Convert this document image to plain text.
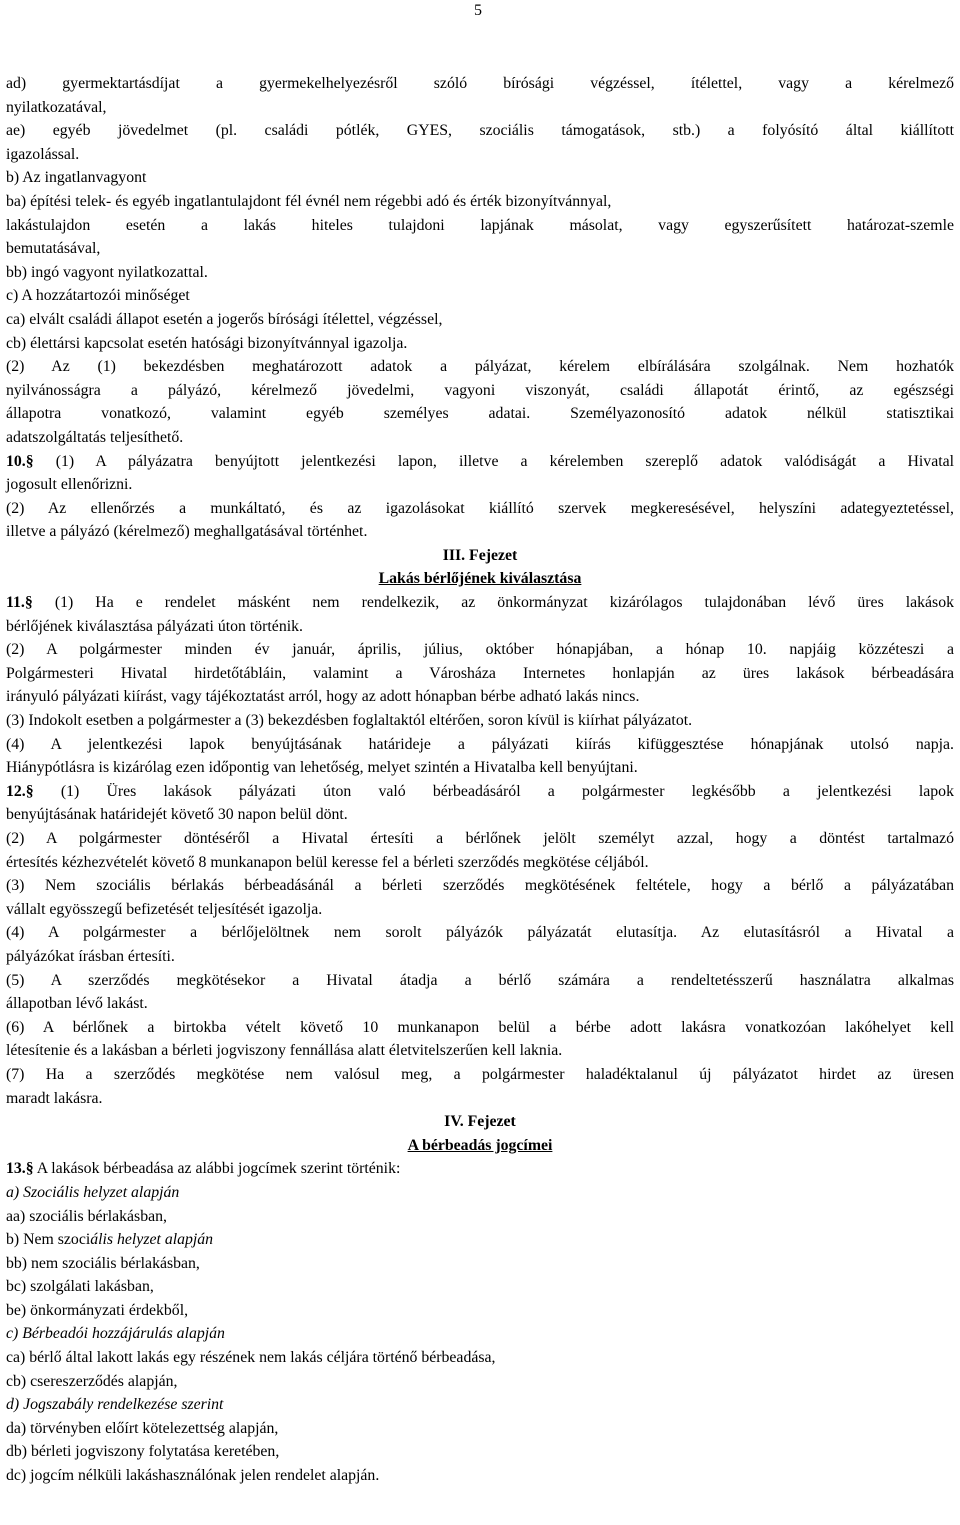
5
ad) gyermektartásdíjat a gyermekelhelyezésről szóló bírósági végzéssel, ítélettel, vagy a kérelmező
nyilatkozatával,
ae) egyéb jövedelmet (pl. családi pótlék, GYES, szociális támogatások, stb.) a folyósító által kiállított
igazolással.
b) Az ingatlanvagyont
ba) építési telek- és egyéb ingatlantulajdont fél évnél nem régebbi adó és érték bizonyítvánnyal,
lakástulajdon esetén a lakás hiteles tulajdoni lapjának másolat, vagy egyszerűsített határozat-szemle
bemutatásával,
bb) ingó vagyont nyilatkozattal.
c) A hozzátartozói minőséget
ca) elvált családi állapot esetén a jogerős bírósági ítélettel, végzéssel,
cb) élettársi kapcsolat esetén hatósági bizonyítvánnyal igazolja.
(2) Az (1) bekezdésben meghatározott adatok a pályázat, kérelem elbírálására szolgálnak. Nem hozhatók
nyilvánosságra a pályázó, kérelmező jövedelmi, vagyoni viszonyát, családi állapotát érintő, az egészségi
állapotra vonatkozó, valamint egyéb személyes adatai. Személyazonosító adatok nélkül statisztikai
adatszolgáltatás teljesíthető.
10.§ (1) A pályázatra benyújtott jelentkezési lapon, illetve a kérelemben szereplő adatok valódiságát a Hivatal
jogosult ellenőrizni.
(2) Az ellenőrzés a munkáltató, és az igazolásokat kiállító szervek megkeresésével, helyszíni adategyeztetéssel,
illetve a pályázó (kérelmező) meghallgatásával történhet.
III. Fejezet
Lakás bérlőjének kiválasztása
11.§ (1) Ha e rendelet másként nem rendelkezik, az önkormányzat kizárólagos tulajdonában lévő üres lakások
bérlőjének kiválasztása pályázati úton történik.
(2) A polgármester minden év január, április, július, október hónapjában, a hónap 10. napjáig közzéteszi a
Polgármesteri Hivatal hirdetőtábláin, valamint a Városháza Internetes honlapján az üres lakások bérbeadására
irányuló pályázati kiírást, vagy tájékoztatást arról, hogy az adott hónapban bérbe adható lakás nincs.
(3) Indokolt esetben a polgármester a (3) bekezdésben foglaltaktól eltérően, soron kívül is kiírhat pályázatot.
(4) A jelentkezési lapok benyújtásának határideje a pályázati kiírás kifüggesztése hónapjának utolsó napja.
Hiánypótlásra is kizárólag ezen időpontig van lehetőség, melyet szintén a Hivatalba kell benyújtani.
12.§ (1) Üres lakások pályázati úton való bérbeadásáról a polgármester legkésőbb a jelentkezési lapok
benyújtásának határidejét követő 30 napon belül dönt.
(2) A polgármester döntéséről a Hivatal értesíti a bérlőnek jelölt személyt azzal, hogy a döntést tartalmazó
értesítés kézhezvételét követő 8 munkanapon belül keresse fel a bérleti szerződés megkötése céljából.
(3) Nem szociális bérlakás bérbeadásánál a bérleti szerződés megkötésének feltétele, hogy a bérlő a pályázatában
vállalt egyösszegű befizetését teljesítését igazolja.
(4) A polgármester a bérlőjelöltnek nem sorolt pályázók pályázatát elutasítja. Az elutasításról a Hivatal a
pályázókat írásban értesíti.
(5) A szerződés megkötésekor a Hivatal átadja a bérlő számára a rendeltetésszerű használatra alkalmas
állapotban lévő lakást.
(6) A bérlőnek a birtokba vételt követő 10 munkanapon belül a bérbe adott lakásra vonatkozóan lakóhelyet kell
létesítenie és a lakásban a bérleti jogviszony fennállása alatt életvitelszerűen kell laknia.
(7) Ha a szerződés megkötése nem valósul meg, a polgármester haladéktalanul új pályázatot hirdet az üresen
maradt lakásra.
IV. Fejezet
A bérbeadás jogcímei
13.§ A lakások bérbeadása az alábbi jogcímek szerint történik:
a) Szociális helyzet alapján
aa) szociális bérlakásban,
b) Nem szociális helyzet alapján
bb) nem szociális bérlakásban,
bc) szolgálati lakásban,
be) önkormányzati érdekből,
c) Bérbeadói hozzájárulás alapján
ca) bérlő által lakott lakás egy részének nem lakás céljára történő bérbeadása,
cb) csereszerződés alapján,
d) Jogszabály rendelkezése szerint
da) törvényben előírt kötelezettség alapján,
db) bérleti jogviszony folytatása keretében,
dc) jogcím nélküli lakáshasználónak jelen rendelet alapján.
